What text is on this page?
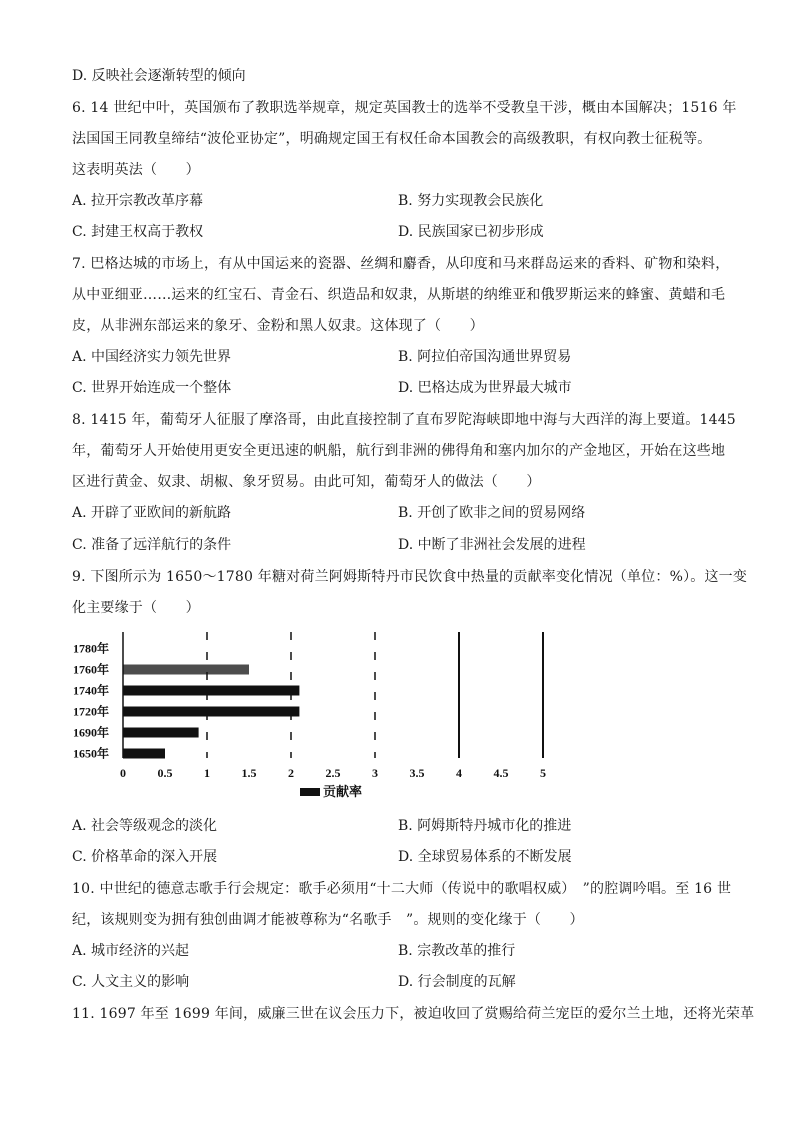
D. 反映社会逐渐转型的倾向
6. 14 世纪中叶，英国颁布了教职选举规章，规定英国教士的选举不受教皇干涉，概由本国解决；1516 年
法国国王同教皇缔结“波伦亚协定”，明确规定国王有权任命本国教会的高级教职，有权向教士征税等。
这表明英法（　　）
A. 拉开宗教改革序幕	B. 努力实现教会民族化
C. 封建王权高于教权	D. 民族国家已初步形成
7. 巴格达城的市场上，有从中国运来的瓷器、丝绸和麝香，从印度和马来群岛运来的香料、矿物和染料，
从中亚细亚……运来的红宝石、青金石、织造品和奴隶，从斯堪的纳维亚和俄罗斯运来的蜂蜜、黄蜡和毛
皮，从非洲东部运来的象牙、金粉和黑人奴隶。这体现了（　　）
A. 中国经济实力领先世界	B. 阿拉伯帝国沟通世界贸易
C. 世界开始连成一个整体	D. 巴格达成为世界最大城市
8. 1415 年，葡萄牙人征服了摩洛哥，由此直接控制了直布罗陀海峡即地中海与大西洋的海上要道。1445
年，葡萄牙人开始使用更安全更迅速的帆船，航行到非洲的佛得角和塞内加尔的产金地区，开始在这些地
区进行黄金、奴隶、胡椒、象牙贸易。由此可知，葡萄牙人的做法（　　）
A. 开辟了亚欧间的新航路	B. 开创了欧非之间的贸易网络
C. 准备了远洋航行的条件	D. 中断了非洲社会发展的进程
9. 下图所示为 1650～1780 年糖对荷兰阿姆斯特丹市民饮食中热量的贡献率变化情况（单位：%）。这一变
化主要缘于（　　）
1780年
1760年
1740年
1720年
1690年
1650年
0	0.5	1	1.5	2	2.5	3	3.5	4	4.5	5
贡献率
A. 社会等级观念的淡化	B. 阿姆斯特丹城市化的推进
C. 价格革命的深入开展	D. 全球贸易体系的不断发展
10. 中世纪的德意志歌手行会规定：歌手必须用“十二大师（传说中的歌唱权威）　”的腔调吟唱。至 16 世
纪，该规则变为拥有独创曲调才能被尊称为“名歌手　”。规则的变化缘于（　　）
A. 城市经济的兴起	B. 宗教改革的推行
C. 人文主义的影响	D. 行会制度的瓦解
11. 1697 年至 1699 年间，威廉三世在议会压力下，被迫收回了赏赐给荷兰宠臣的爱尔兰土地，还将光荣革
